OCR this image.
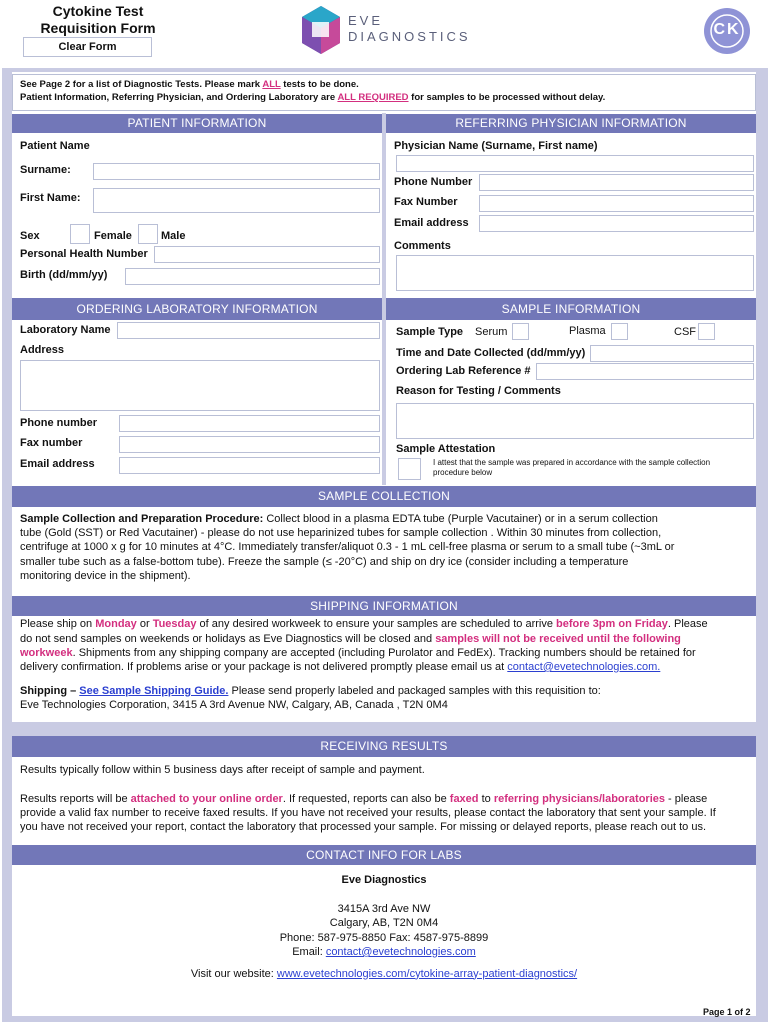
Cytokine Test
Requisition Form
Clear Form
EVE
DIAGNOSTICS	CK
See Page 2 for a list of Diagnostic Tests. Please mark ALL tests to be done.
Patient Information, Referring Physician, and Ordering Laboratory are ALL REQUIRED for samples to be processed without delay.
PATIENT INFORMATION
Patient Name
Surname:
First Name:
Sex	Female	Male
Personal Health Number
Birth (dd/mm/yy)
REFERRING PHYSICIAN INFORMATION
Physician Name (Surname, First name)
Phone Number
Fax Number
Email address
Comments
ORDERING LABORATORY INFORMATION
Laboratory Name
Address
Phone number
Fax number
Email address
SAMPLE INFORMATION
Sample Type Serum	Plasma	CSF
Time and Date Collected (dd/mm/yy)
Ordering Lab Reference #
Reason for Testing / Comments
Sample Attestation
I attest that the sample was prepared in accordance with the sample collection
procedure below
SAMPLE COLLECTION
Sample Collection and Preparation Procedure: Collect blood in a plasma EDTA tube (Purple Vacutainer) or in a serum collection
tube (Gold (SST) or Red Vacutainer) - please do not use heparinized tubes for sample collection . Within 30 minutes from collection,
centrifuge at 1000 x g for 10 minutes at 4°C. Immediately transfer/aliquot 0.3 - 1 mL cell-free plasma or serum to a small tube (~3mL or
smaller tube such as a false-bottom tube). Freeze the sample (≤ -20°C) and ship on dry ice (consider including a temperature
monitoring device in the shipment).
SHIPPING INFORMATION
Please ship on Monday or Tuesday of any desired workweek to ensure your samples are scheduled to arrive before 3pm on Friday. Please
do not send samples on weekends or holidays as Eve Diagnostics will be closed and samples will not be received until the following
workweek. Shipments from any shipping company are accepted (including Purolator and FedEx). Tracking numbers should be retained for
delivery confirmation. If problems arise or your package is not delivered promptly please email us at contact@evetechnologies.com.
Shipping – See Sample Shipping Guide. Please send properly labeled and packaged samples with this requisition to:
Eve Technologies Corporation, 3415 A 3rd Avenue NW, Calgary, AB, Canada , T2N 0M4
RECEIVING RESULTS
Results typically follow within 5 business days after receipt of sample and payment.
Results reports will be attached to your online order. If requested, reports can also be faxed to referring physicians/laboratories - please
provide a valid fax number to receive faxed results. If you have not received your results, please contact the laboratory that sent your sample. If
you have not received your report, contact the laboratory that processed your sample. For missing or delayed reports, please reach out to us.
CONTACT INFO FOR LABS
Eve Diagnostics
3415A 3rd Ave NW
Calgary, AB, T2N 0M4
Phone: 587-975-8850 Fax: 4587-975-8899
Email: contact@evetechnologies.com
Visit our website: www.evetechnologies.com/cytokine-array-patient-diagnostics/
Page 1 of 2
